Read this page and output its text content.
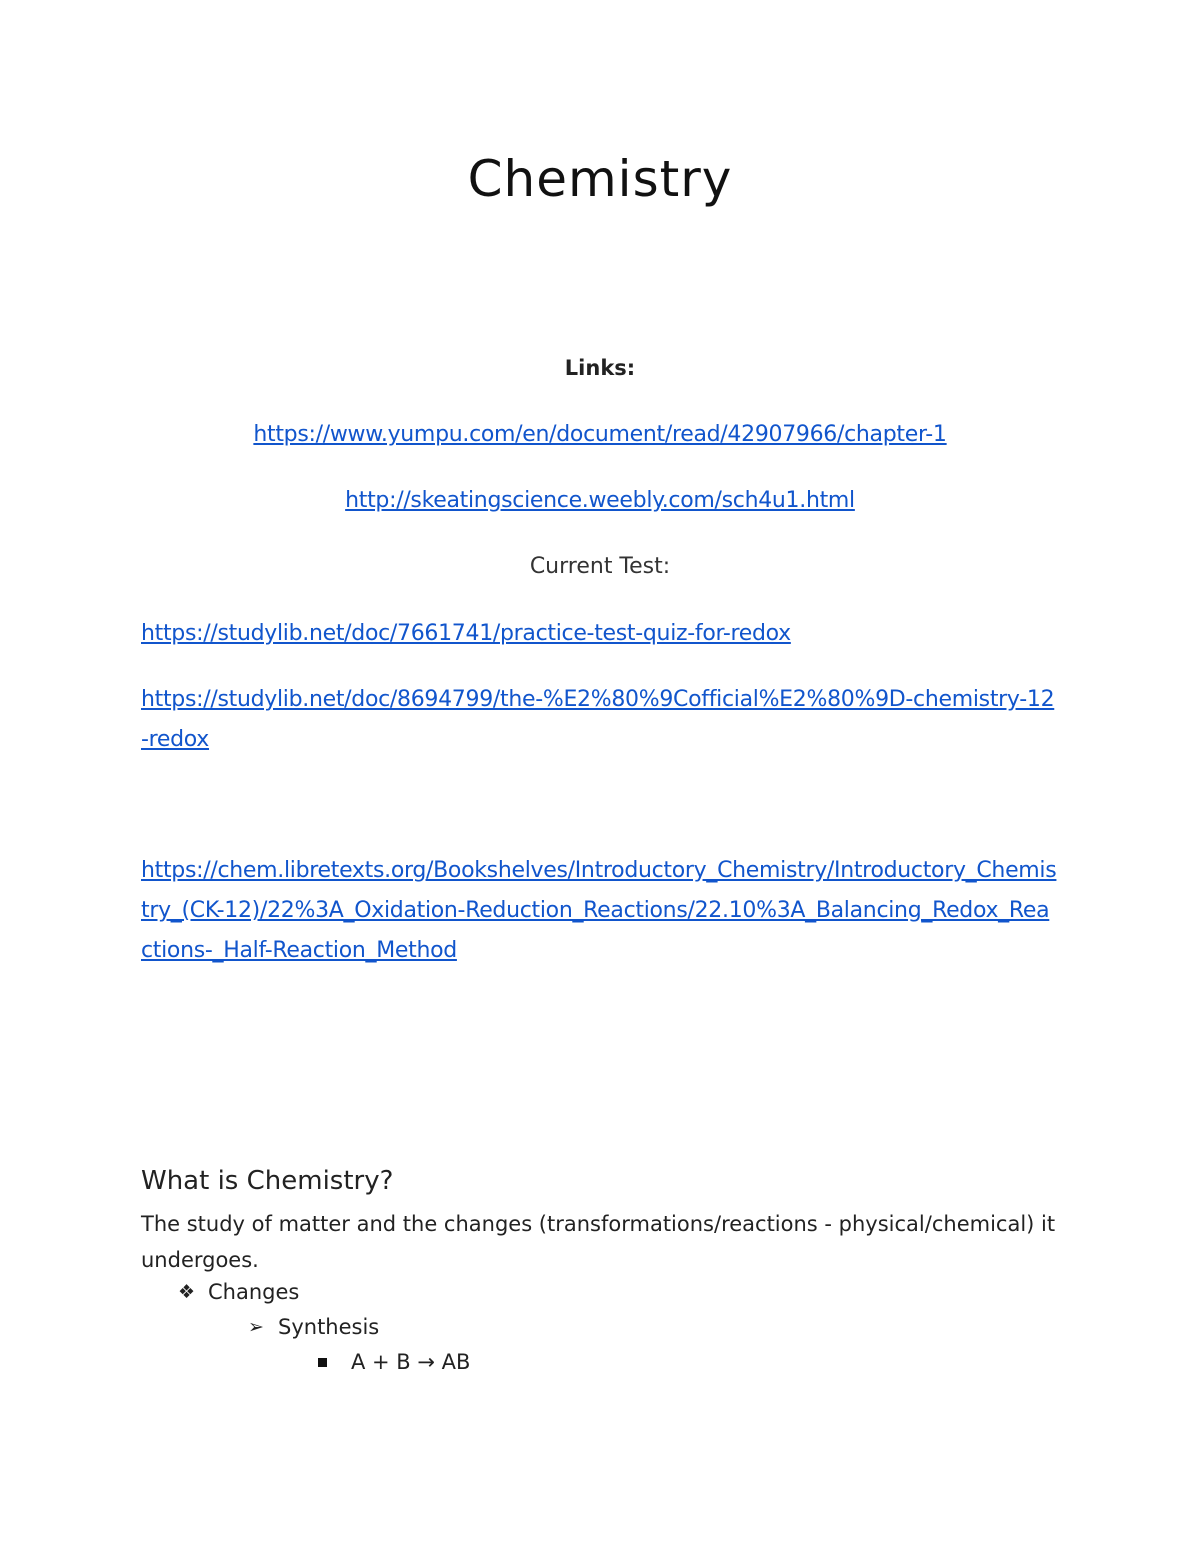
Chemistry

Links:

https://www.yumpu.com/en/document/read/42907966/chapter-1

http://skeatingscience.weebly.com/sch4u1.html

Current Test:

https://studylib.net/doc/7661741/practice-test-quiz-for-redox

https://studylib.net/doc/8694799/the-%E2%80%9Cofficial%E2%80%9D-chemistry-12-redox

https://chem.libretexts.org/Bookshelves/Introductory_Chemistry/Introductory_Chemistry_(CK-12)/22%3A_Oxidation-Reduction_Reactions/22.10%3A_Balancing_Redox_Reactions-_Half-Reaction_Method

What is Chemistry?

The study of matter and the changes (transformations/reactions - physical/chemical) it undergoes.

❖ Changes
➢ Synthesis
A + B → AB
